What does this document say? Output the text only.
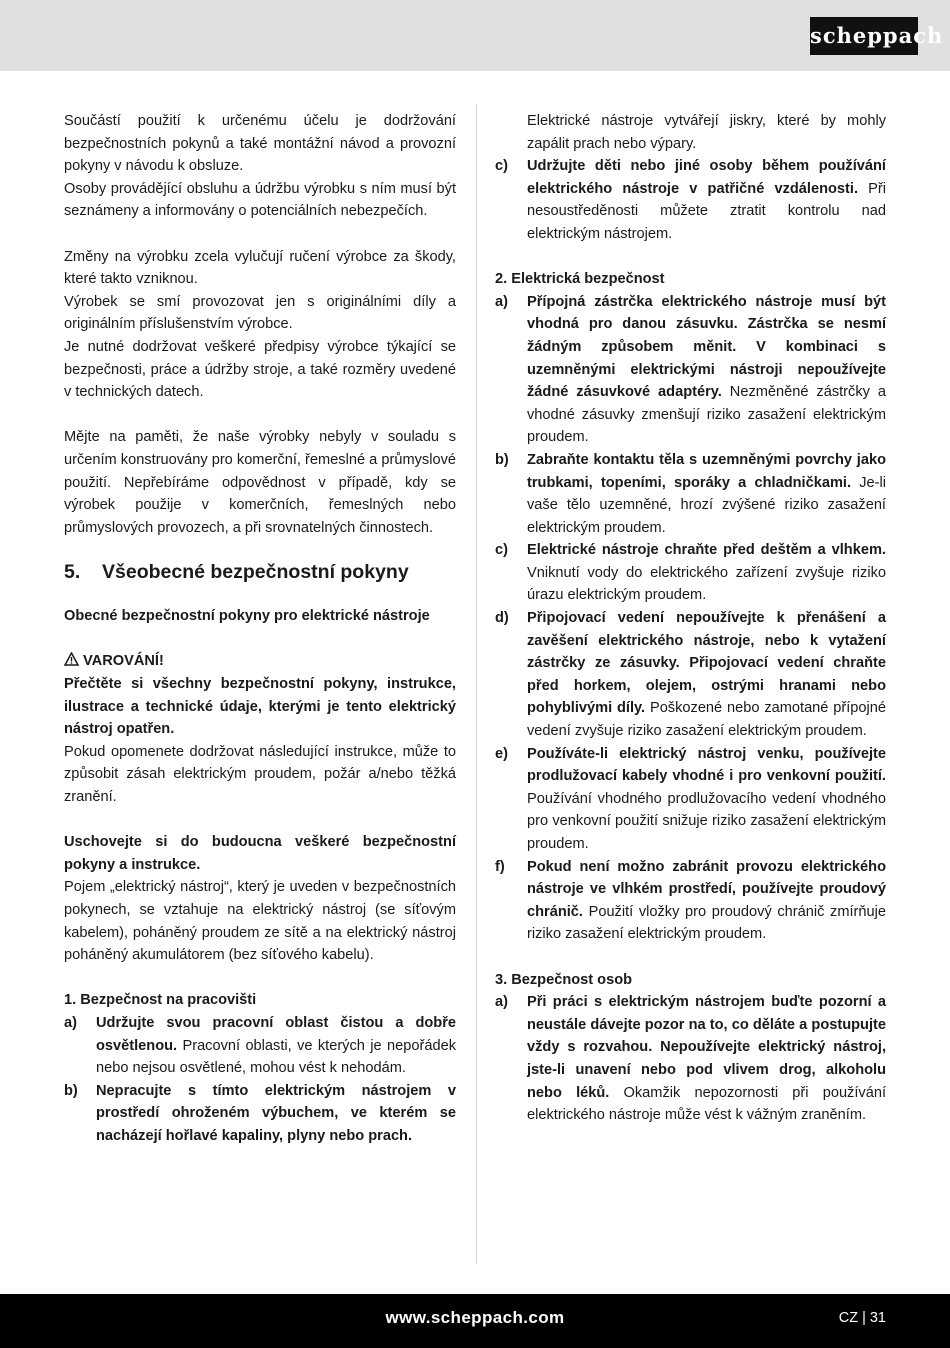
scheppach

Součástí použití k určenému účelu je dodržování bezpečnostních pokynů a také montážní návod a provozní pokyny v návodu k obsluze.

Osoby provádějící obsluhu a údržbu výrobku s ním musí být seznámeny a informovány o potenciálních nebezpečích.

Změny na výrobku zcela vylučují ručení výrobce za škody, které takto vzniknou.

Výrobek se smí provozovat jen s originálními díly a originálním příslušenstvím výrobce.

Je nutné dodržovat veškeré předpisy výrobce týkající se bezpečnosti, práce a údržby stroje, a také rozměry uvedené v technických datech.

Mějte na paměti, že naše výrobky nebyly v souladu s určením konstruovány pro komerční, řemeslné a průmyslové použití. Nepřebíráme odpovědnost v případě, kdy se výrobek použije v komerčních, řemeslných nebo průmyslových provozech, a při srovnatelných činnostech.

5. Všeobecné bezpečnostní pokyny

Obecné bezpečnostní pokyny pro elektrické nástroje

VAROVÁNÍ!

Přečtěte si všechny bezpečnostní pokyny, instrukce, ilustrace a technické údaje, kterými je tento elektrický nástroj opatřen.

Pokud opomenete dodržovat následující instrukce, může to způsobit zásah elektrickým proudem, požár a/nebo těžká zranění.

Uschovejte si do budoucna veškeré bezpečnostní pokyny a instrukce.

Pojem „elektrický nástroj“, který je uveden v bezpečnostních pokynech, se vztahuje na elektrický nástroj (se síťovým kabelem), poháněný proudem ze sítě a na elektrický nástroj poháněný akumulátorem (bez síťového kabelu).

1. Bezpečnost na pracovišti

a)	Udržujte svou pracovní oblast čistou a dobře osvětlenou. Pracovní oblasti, ve kterých je nepořádek nebo nejsou osvětlené, mohou vést k nehodám.
b)	Nepracujte s tímto elektrickým nástrojem v prostředí ohroženém výbuchem, ve kterém se nacházejí hořlavé kapaliny, plyny nebo prach.
Elektrické nástroje vytvářejí jiskry, které by mohly zapálit prach nebo výpary.
c)	Udržujte děti nebo jiné osoby během používání elektrického nástroje v patřičné vzdálenosti. Při nesoustředěnosti můžete ztratit kontrolu nad elektrickým nástrojem.

2. Elektrická bezpečnost

a)	Přípojná zástrčka elektrického nástroje musí být vhodná pro danou zásuvku. Zástrčka se nesmí žádným způsobem měnit. V kombinaci s uzemněnými elektrickými nástroji nepoužívejte žádné zásuvkové adaptéry. Nezměněné zástrčky a vhodné zásuvky zmenšují riziko zasažení elektrickým proudem.
b)	Zabraňte kontaktu těla s uzemněnými povrchy jako trubkami, topeními, sporáky a chladničkami. Je-li vaše tělo uzemněné, hrozí zvýšené riziko zasažení elektrickým proudem.
c)	Elektrické nástroje chraňte před deštěm a vlhkem. Vniknutí vody do elektrického zařízení zvyšuje riziko úrazu elektrickým proudem.
d)	Připojovací vedení nepoužívejte k přenášení a zavěšení elektrického nástroje, nebo k vytažení zástrčky ze zásuvky. Připojovací vedení chraňte před horkem, olejem, ostrými hranami nebo pohyblivými díly. Poškozené nebo zamotané přípojné vedení zvyšuje riziko zasažení elektrickým proudem.
e)	Používáte-li elektrický nástroj venku, používejte prodlužovací kabely vhodné i pro venkovní použití. Používání vhodného prodlužovacího vedení vhodného pro venkovní použití snižuje riziko zasažení elektrickým proudem.
f)	Pokud není možno zabránit provozu elektrického nástroje ve vlhkém prostředí, používejte proudový chránič. Použití vložky pro proudový chránič zmírňuje riziko zasažení elektrickým proudem.

3. Bezpečnost osob

a)	Při práci s elektrickým nástrojem buďte pozorní a neustále dávejte pozor na to, co děláte a postupujte vždy s rozvahou. Nepoužívejte elektrický nástroj, jste-li unavení nebo pod vlivem drog, alkoholu nebo léků. Okamžik nepozornosti při používání elektrického nástroje může vést k vážným zraněním.
www.scheppach.com	CZ | 31
